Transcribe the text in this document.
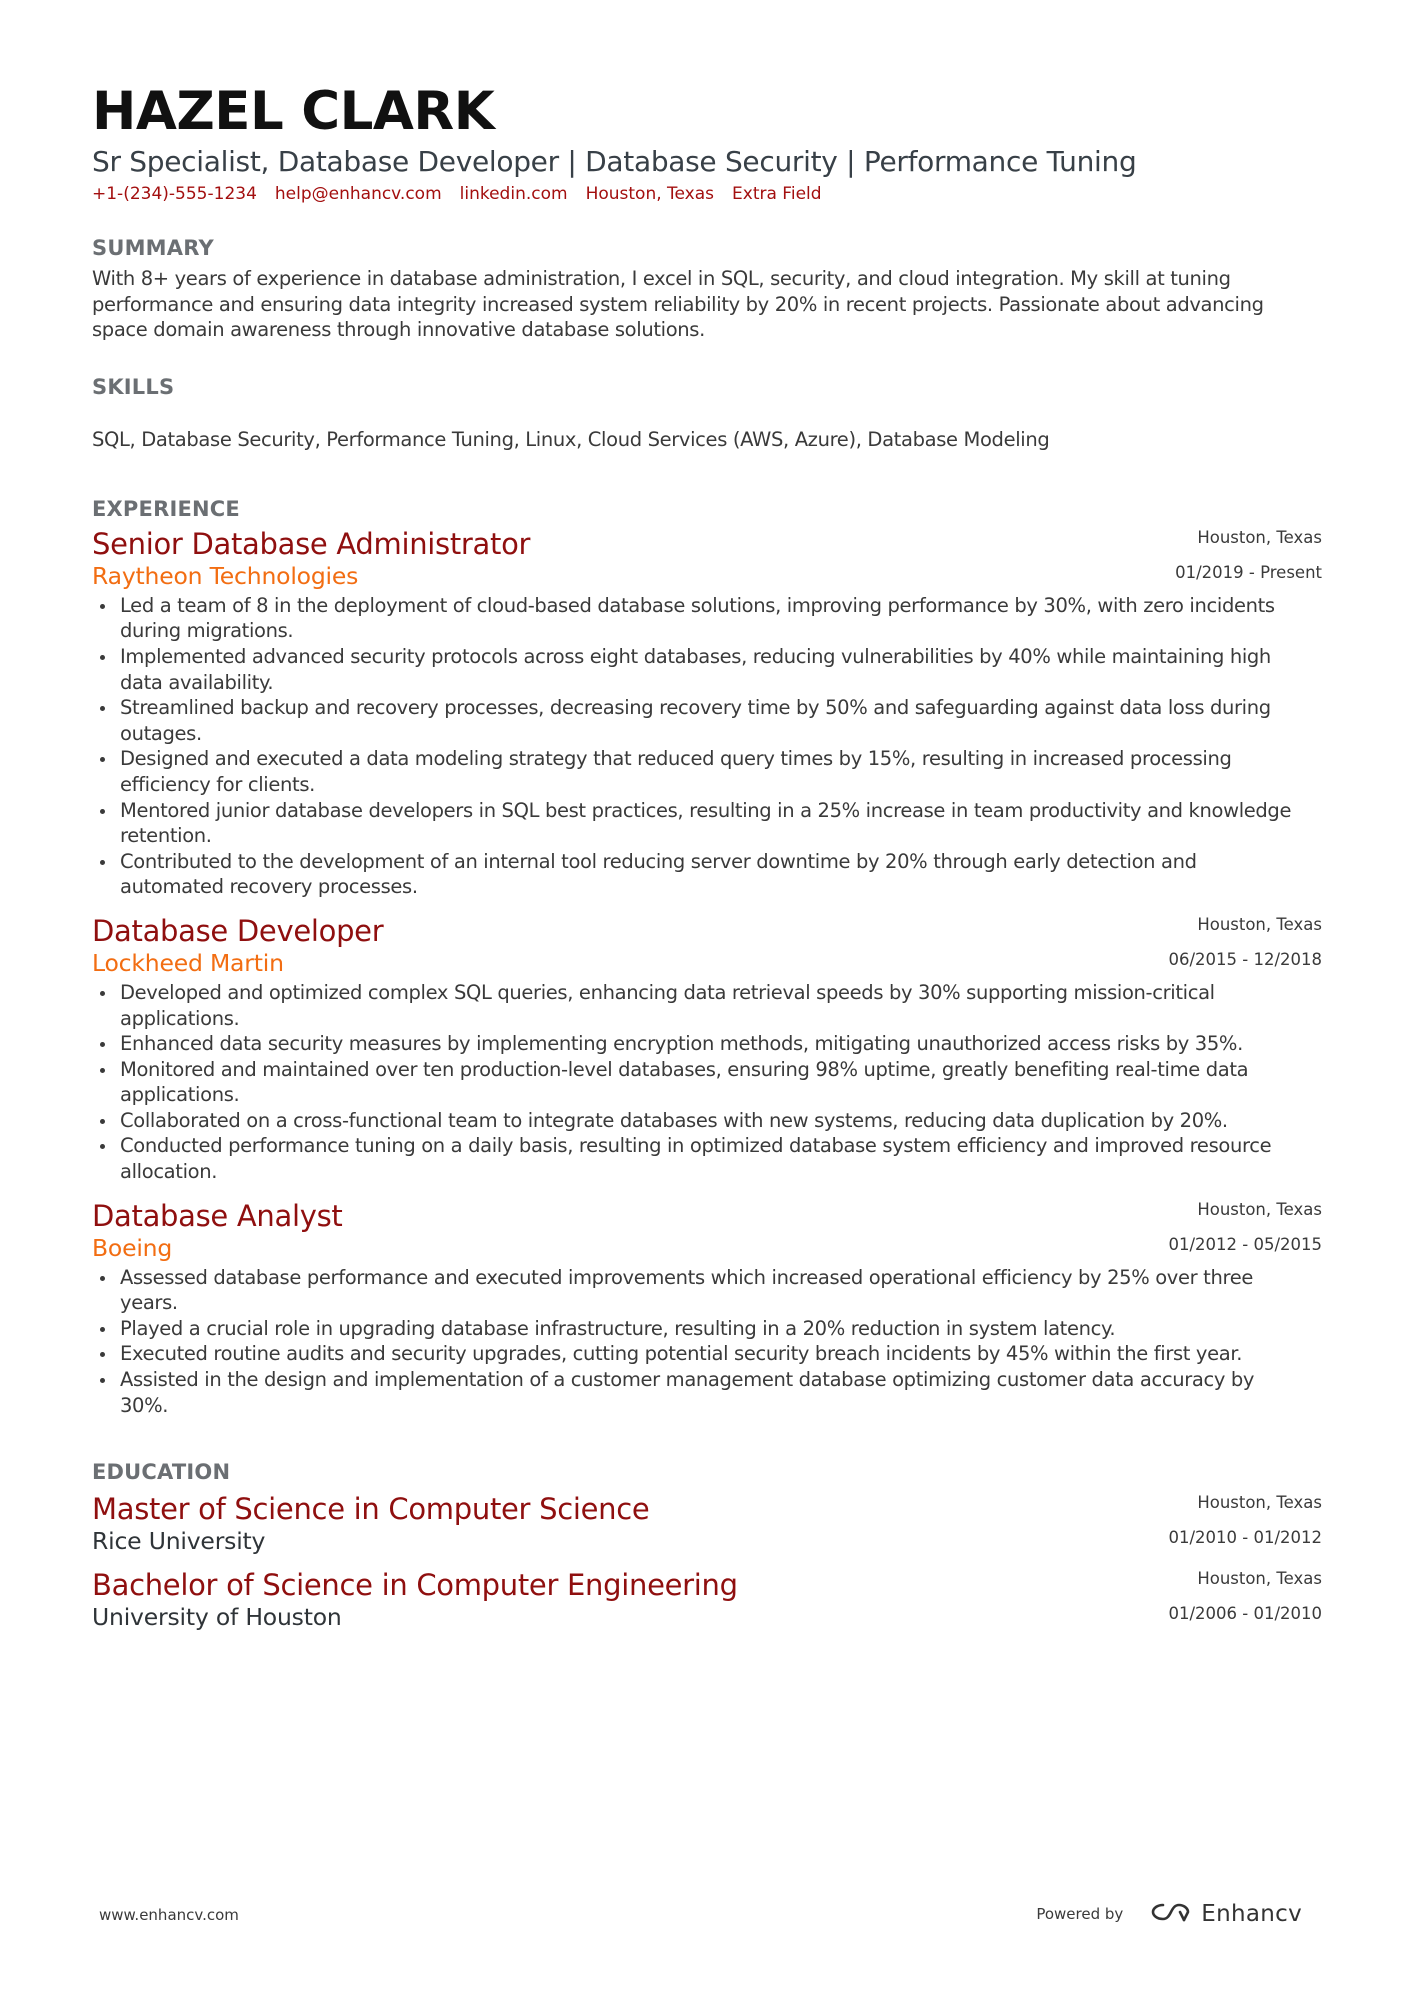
HAZEL CLARK

Sr Specialist, Database Developer | Database Security | Performance Tuning

+1-(234)-555-1234 help@enhancv.com linkedin.com Houston, Texas Extra Field
SUMMARY

With 8+ years of experience in database administration, I excel in SQL, security, and cloud integration. My skill at tuning performance and ensuring data integrity increased system reliability by 20% in recent projects. Passionate about advancing space domain awareness through innovative database solutions.

SKILLS
SQL, Database Security, Performance Tuning, Linux, Cloud Services (AWS, Azure), Database Modeling
EXPERIENCE
Senior Database Administrator
Raytheon Technologies
Houston, Texas
01/2019 - Present
Led a team of 8 in the deployment of cloud-based database solutions, improving performance by 30%, with zero incidents during migrations.
Implemented advanced security protocols across eight databases, reducing vulnerabilities by 40% while maintaining high data availability.
Streamlined backup and recovery processes, decreasing recovery time by 50% and safeguarding against data loss during outages.
Designed and executed a data modeling strategy that reduced query times by 15%, resulting in increased processing efficiency for clients.
Mentored junior database developers in SQL best practices, resulting in a 25% increase in team productivity and knowledge retention.
Contributed to the development of an internal tool reducing server downtime by 20% through early detection and automated recovery processes.
Database Developer
Lockheed Martin
Houston, Texas
06/2015 - 12/2018
Developed and optimized complex SQL queries, enhancing data retrieval speeds by 30% supporting mission-critical applications.
Enhanced data security measures by implementing encryption methods, mitigating unauthorized access risks by 35%.
Monitored and maintained over ten production-level databases, ensuring 98% uptime, greatly benefiting real-time data applications.
Collaborated on a cross-functional team to integrate databases with new systems, reducing data duplication by 20%.
Conducted performance tuning on a daily basis, resulting in optimized database system efficiency and improved resource allocation.
Database Analyst
Boeing
Houston, Texas
01/2012 - 05/2015
Assessed database performance and executed improvements which increased operational efficiency by 25% over three years.
Played a crucial role in upgrading database infrastructure, resulting in a 20% reduction in system latency.
Executed routine audits and security upgrades, cutting potential security breach incidents by 45% within the first year.
Assisted in the design and implementation of a customer management database optimizing customer data accuracy by 30%.
EDUCATION
Master of Science in Computer Science
Rice University
Houston, Texas
01/2010 - 01/2012
Bachelor of Science in Computer Engineering
University of Houston
Houston, Texas
01/2006 - 01/2010
www.enhancv.com	Powered by	Enhancv
